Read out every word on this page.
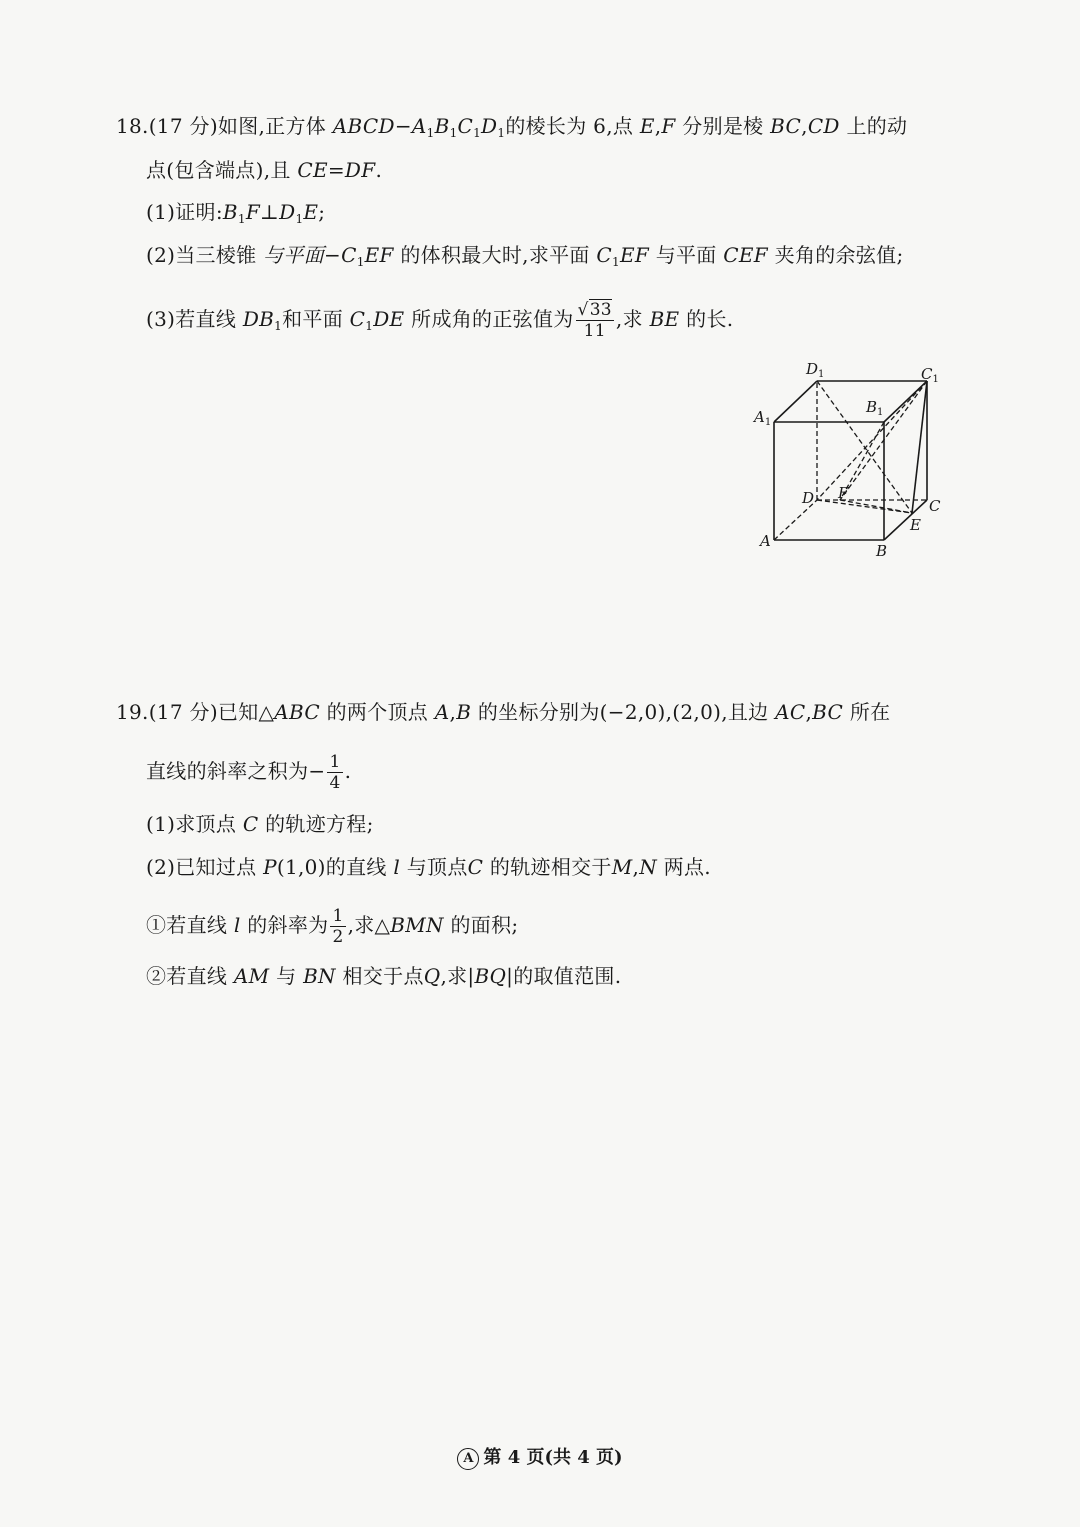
18.(17 分)如图,正方体 $ABCD-A_1B_1C_1D_1$的棱长为 6,点 E,F 分别是棱 BC,CD 上的动
点(包含端点),且 CE=DF.
(1)证明$:B_1F\perp D_1E$;
(2)当三棱锥 与平面$-C_1EF$ 的体积最大时,求平面 $C_1EF$ 与平面 CEF 夹角的余弦值;
(3)若直线 $DB_1$和平面 $C_1DE$ 所成角的正弦值为 $\frac{√33}{11}$ ,求 BE 的长.
$D_1$	$C_1$
$B_1$
$A_1$
D F
C
E
A
B
19.(17 分)已知△ABC 的两个顶点 A,B 的坐标分别为(−2,0),(2,0),且边 AC,BC 所在
直线的斜率之积为− $\frac{1}{4}$ .
(1)求顶点 C 的轨迹方程;
(2)已知过点 P(1,0)的直线 l 与顶点C 的轨迹相交于M,N 两点.
①若直线 l 的斜率为 $\frac{1}{2}$ ,求△BMN 的面积;
②若直线 AM 与 BN 相交于点Q,求|BQ|的取值范围.
A 第 4 页(共 4 页)
